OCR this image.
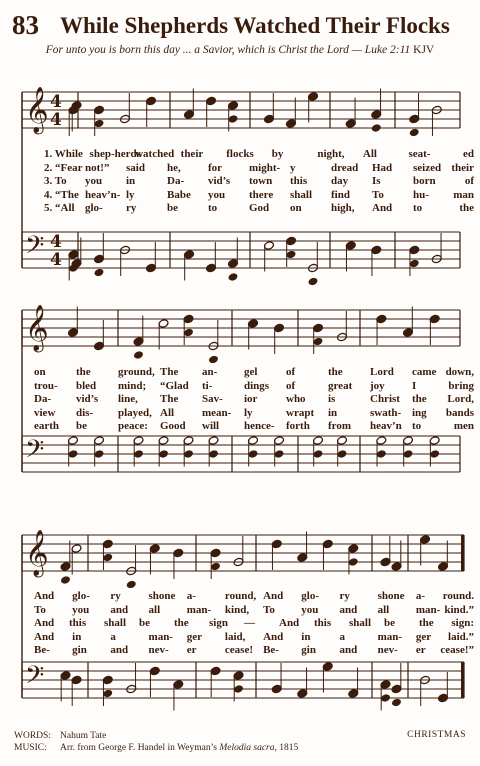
83 While Shepherds Watched Their Flocks
For unto you is born this day ... a Savior, which is Christ the Lord — Luke 2:11 KJV
𝄞 4
4
𝄢 4
4
1. While shep-herds
watched their flocks by	night, All	seat-	ed
2. “Fear not!” said he, for might- y	dread Had seized their
3. To you in	Da- vid’s town this day Is	born	of
4. “The heav’n- ly	Babe you there shall find To	hu- man
5. “All glo- ry	be	to	God on	high, And to	the
𝄞
𝄢
on	the ground, The an- gel	of	the Lord came down,
trou- bled mind; “Glad ti-	dings of	great joy I	bring
Da- vid’s line, The Sav- ior	who is	Christ the Lord,
view dis- played, All	mean- ly	wrapt in	swath- ing bands
earth be	peace: Good will hence- forth from heav’n to	men
𝄞
𝄢
And glo- ry	shone a-	round, And glo- ry	shone a- round.
To you and all man- kind, To you and all man- kind.”
And this shall be the sign — And this shall be the sign:
And in	a	man- ger laid, And in	a	man- ger laid.”
Be- gin and nev- er	cease! Be- gin and nev- er cease!”
WORDS: Nahum Tate
MUSIC: Arr. from George F. Handel in Weyman’s Melodia sacra, 1815
CHRISTMAS
